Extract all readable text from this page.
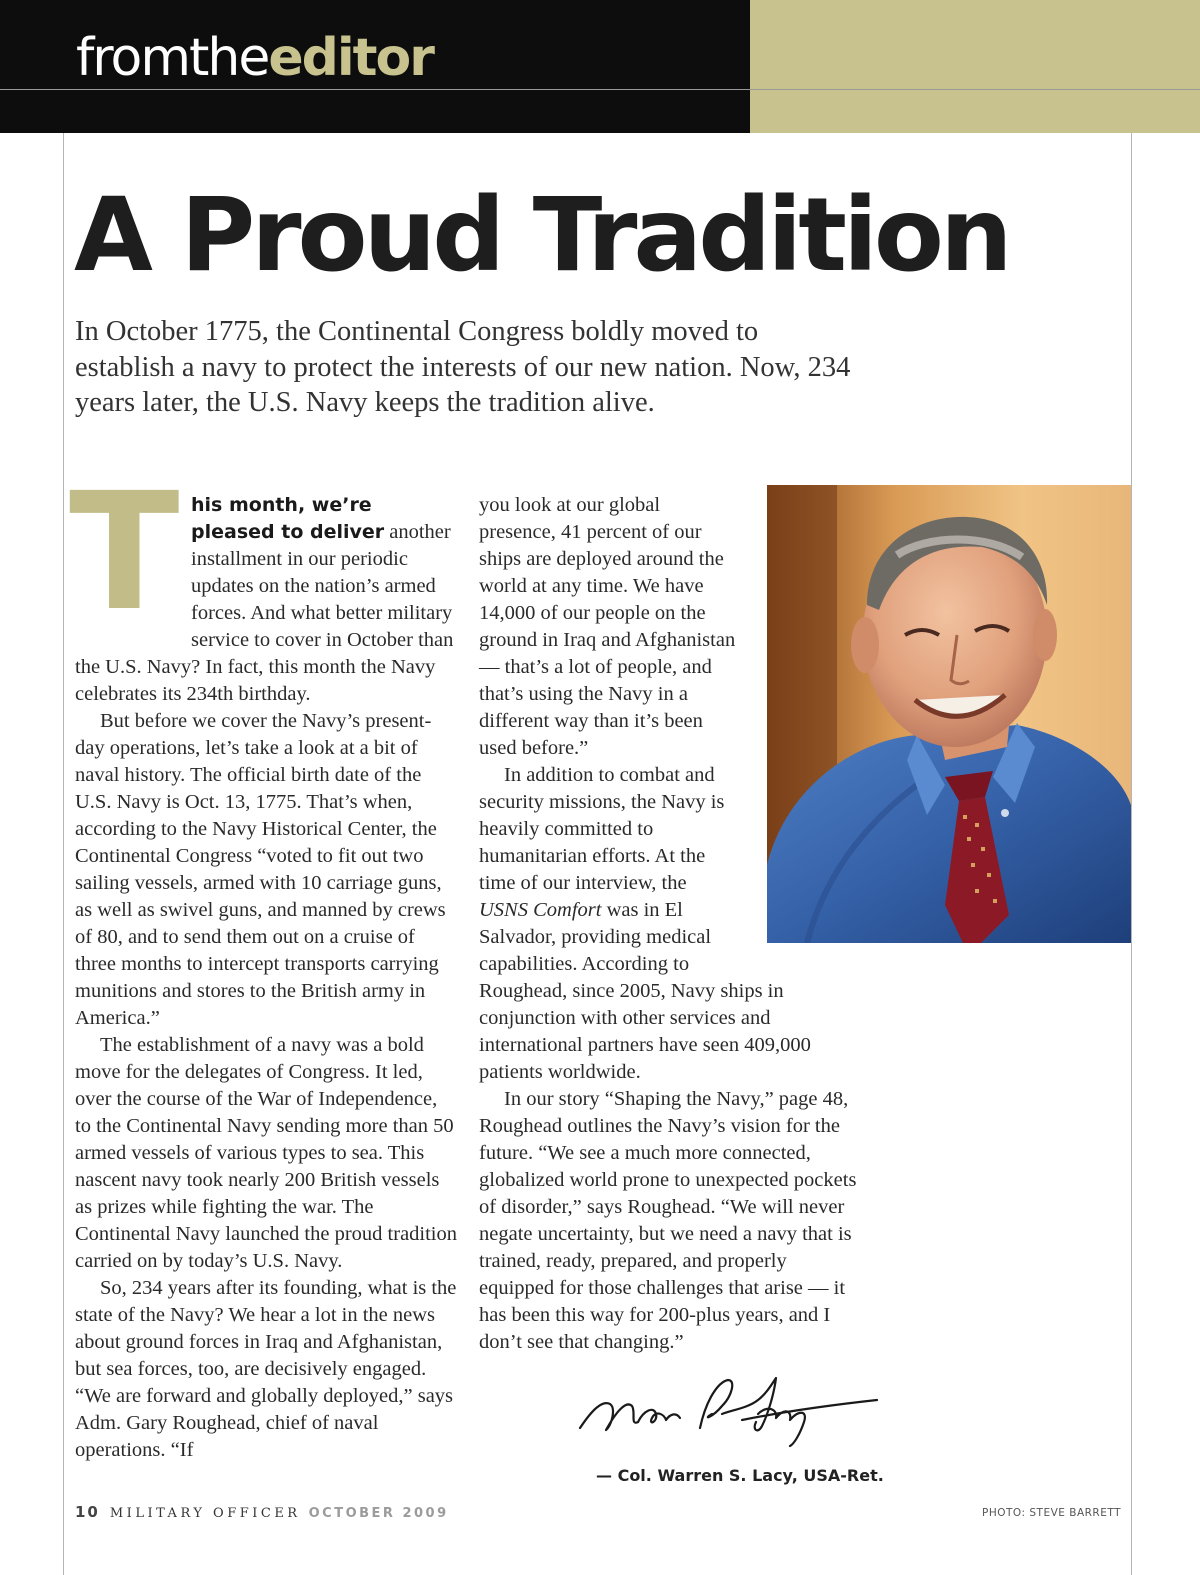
fromtheeditor
A Proud Tradition

In October 1775, the Continental Congress boldly moved to establish a navy to protect the interests of our new nation. Now, 234 years later, the U.S. Navy keeps the tradition alive.

T his month, we’re pleased to deliver another installment in our periodic updates on the nation’s armed forces. And what better military service to cover in October than the U.S. Navy? In fact, this month the Navy celebrates its 234th birthday.

But before we cover the Navy’s present-day operations, let’s take a look at a bit of naval history. The official birth date of the U.S. Navy is Oct. 13, 1775. That’s when, according to the Navy Historical Center, the Continental Congress “voted to fit out two sailing vessels, armed with 10 carriage guns, as well as swivel guns, and manned by crews of 80, and to send them out on a cruise of three months to intercept transports carrying munitions and stores to the British army in America.”

The establishment of a navy was a bold move for the delegates of Congress. It led, over the course of the War of Independence, to the Continental Navy sending more than 50 armed vessels of various types to sea. This nascent navy took nearly 200 British vessels as prizes while fighting the war. The Continental Navy launched the proud tradition carried on by today’s U.S. Navy.

So, 234 years after its founding, what is the state of the Navy? We hear a lot in the news about ground forces in Iraq and Afghanistan, but sea forces, too, are decisively engaged. “We are forward and globally deployed,” says Adm. Gary Roughead, chief of naval operations. “If

you look at our global presence, 41 percent of our ships are deployed around the world at any time. We have 14,000 of our people on the ground in Iraq and Afghanistan — that’s a lot of people, and that’s using the Navy in a different way than it’s been used before.”

In addition to combat and security missions, the Navy is heavily committed to humanitarian efforts. At the time of our interview, the USNS Comfort was in El Salvador, providing medical capabilities. According to Roughead, since 2005, Navy ships in conjunction with other services and international partners have seen 409,000 patients worldwide.

In our story “Shaping the Navy,” page 48, Roughead outlines the Navy’s vision for the future. “We see a much more connected, globalized world prone to unexpected pockets of disorder,” says Roughead. “We will never negate uncertainty, but we need a navy that is trained, ready, prepared, and properly equipped for those challenges that arise — it has been this way for 200-plus years, and I don’t see that changing.”

— Col. Warren S. Lacy, USA-Ret.
10 MILITARY OFFICER OCTOBER 2009	PHOTO: STEVE BARRETT
